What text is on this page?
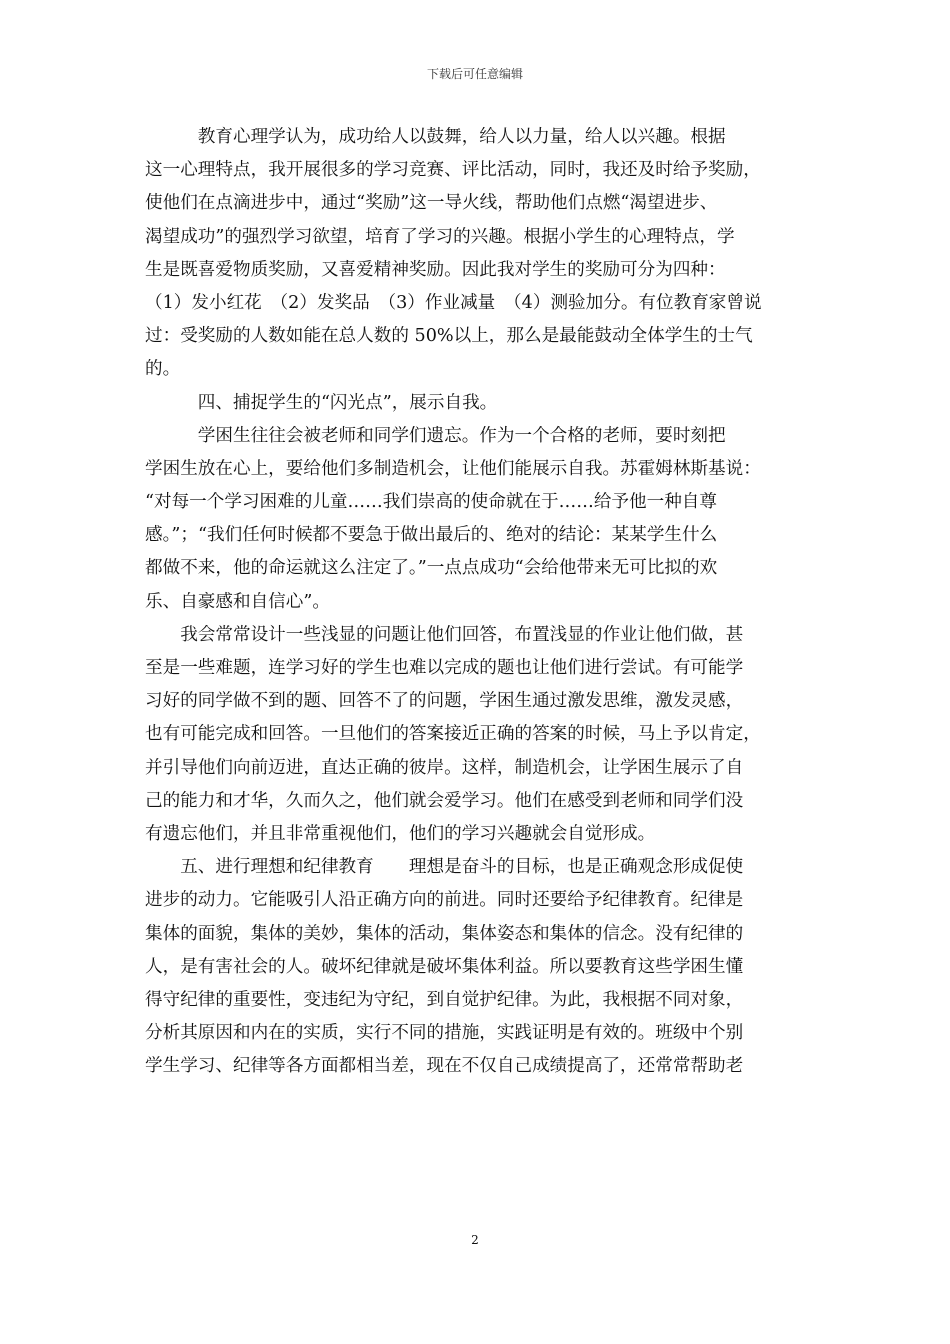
下载后可任意编辑
　　　教育心理学认为，成功给人以鼓舞，给人以力量，给人以兴趣。根据
这一心理特点，我开展很多的学习竞赛、评比活动，同时，我还及时给予奖励，
使他们在点滴进步中，通过“奖励”这一导火线，帮助他们点燃“渴望进步、
渴望成功”的强烈学习欲望，培育了学习的兴趣。根据小学生的心理特点，学
生是既喜爱物质奖励，又喜爱精神奖励。因此我对学生的奖励可分为四种：
（1）发小红花　（2）发奖品　（3）作业减量　（4）测验加分。有位教育家曾说
过：受奖励的人数如能在总人数的 50%以上，那么是最能鼓动全体学生的士气
的。
　　　四、捕捉学生的“闪光点”，展示自我。
　　　学困生往往会被老师和同学们遗忘。作为一个合格的老师，要时刻把
学困生放在心上，要给他们多制造机会，让他们能展示自我。苏霍姆林斯基说：
“对每一个学习困难的儿童……我们崇高的使命就在于……给予他一种自尊
感。”；“我们任何时候都不要急于做出最后的、绝对的结论：某某学生什么
都做不来，他的命运就这么注定了。”一点点成功“会给他带来无可比拟的欢
乐、自豪感和自信心”。
　　我会常常设计一些浅显的问题让他们回答，布置浅显的作业让他们做，甚
至是一些难题，连学习好的学生也难以完成的题也让他们进行尝试。有可能学
习好的同学做不到的题、回答不了的问题，学困生通过激发思维，激发灵感，
也有可能完成和回答。一旦他们的答案接近正确的答案的时候，马上予以肯定，
并引导他们向前迈进，直达正确的彼岸。这样，制造机会，让学困生展示了自
己的能力和才华，久而久之，他们就会爱学习。他们在感受到老师和同学们没
有遗忘他们，并且非常重视他们，他们的学习兴趣就会自觉形成。
　　五、进行理想和纪律教育　　理想是奋斗的目标，也是正确观念形成促使
进步的动力。它能吸引人沿正确方向的前进。同时还要给予纪律教育。纪律是
集体的面貌，集体的美妙，集体的活动，集体姿态和集体的信念。没有纪律的
人，是有害社会的人。破坏纪律就是破坏集体利益。所以要教育这些学困生懂
得守纪律的重要性，变违纪为守纪，到自觉护纪律。为此，我根据不同对象，
分析其原因和内在的实质，实行不同的措施，实践证明是有效的。班级中个别
学生学习、纪律等各方面都相当差，现在不仅自己成绩提高了，还常常帮助老
2
